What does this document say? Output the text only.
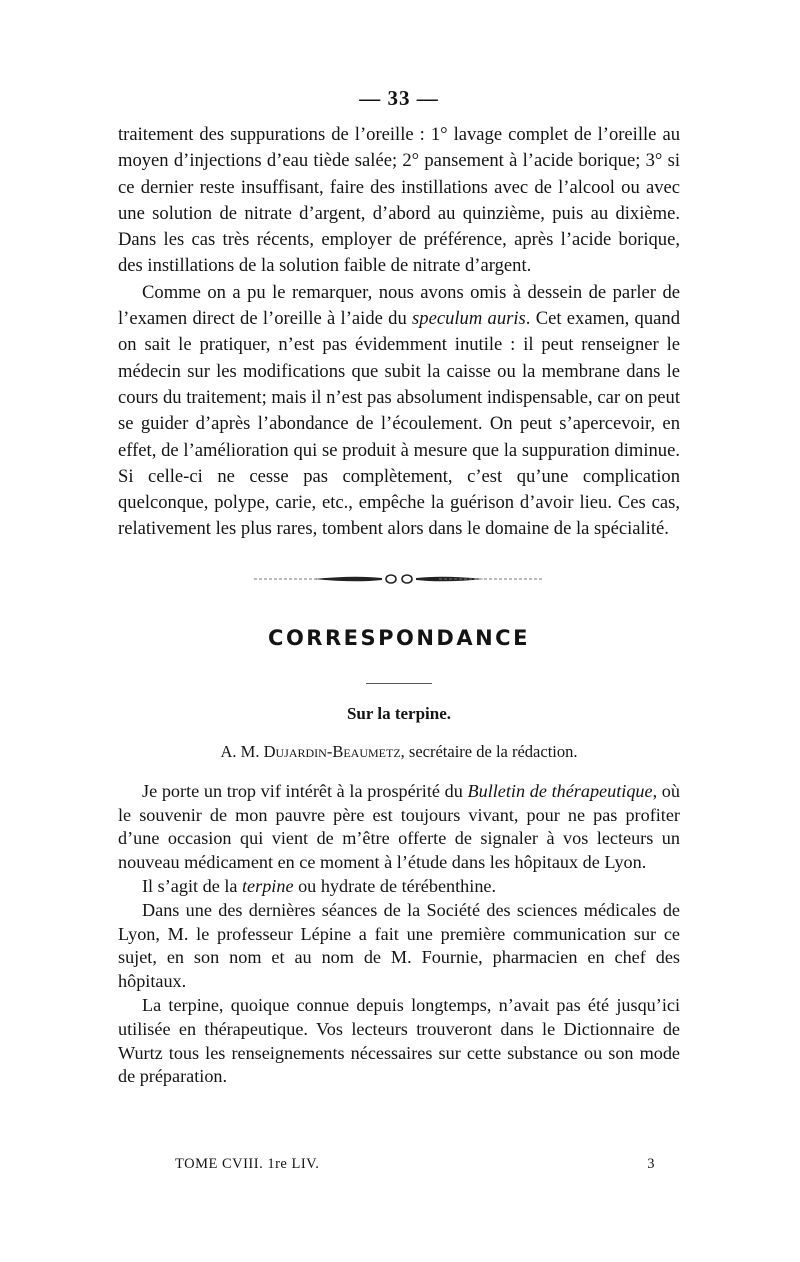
— 33 —

traitement des suppurations de l’oreille : 1° lavage complet de l’oreille au moyen d’injections d’eau tiède salée; 2° pansement à l’acide borique; 3° si ce dernier reste insuffisant, faire des instillations avec de l’alcool ou avec une solution de nitrate d’argent, d’abord au quinzième, puis au dixième. Dans les cas très récents, employer de préférence, après l’acide borique, des instillations de la solution faible de nitrate d’argent.

Comme on a pu le remarquer, nous avons omis à dessein de parler de l’examen direct de l’oreille à l’aide du speculum auris. Cet examen, quand on sait le pratiquer, n’est pas évidemment inutile : il peut renseigner le médecin sur les modifications que subit la caisse ou la membrane dans le cours du traitement; mais il n’est pas absolument indispensable, car on peut se guider d’après l’abondance de l’écoulement. On peut s’apercevoir, en effet, de l’amélioration qui se produit à mesure que la suppuration diminue. Si celle-ci ne cesse pas complètement, c’est qu’une complication quelconque, polype, carie, etc., empêche la guérison d’avoir lieu. Ces cas, relativement les plus rares, tombent alors dans le domaine de la spécialité.

CORRESPONDANCE
Sur la terpine.
A. M. Dujardin-Beaumetz, secrétaire de la rédaction.

Je porte un trop vif intérêt à la prospérité du Bulletin de thérapeutique, où le souvenir de mon pauvre père est toujours vivant, pour ne pas profiter d’une occasion qui vient de m’être offerte de signaler à vos lecteurs un nouveau médicament en ce moment à l’étude dans les hôpitaux de Lyon.

Il s’agit de la terpine ou hydrate de térébenthine.

Dans une des dernières séances de la Société des sciences médicales de Lyon, M. le professeur Lépine a fait une première communication sur ce sujet, en son nom et au nom de M. Fournie, pharmacien en chef des hôpitaux.

La terpine, quoique connue depuis longtemps, n’avait pas été jusqu’ici utilisée en thérapeutique. Vos lecteurs trouveront dans le Dictionnaire de Wurtz tous les renseignements nécessaires sur cette substance ou son mode de préparation.

TOME CVIII. 1re LIV.	3
